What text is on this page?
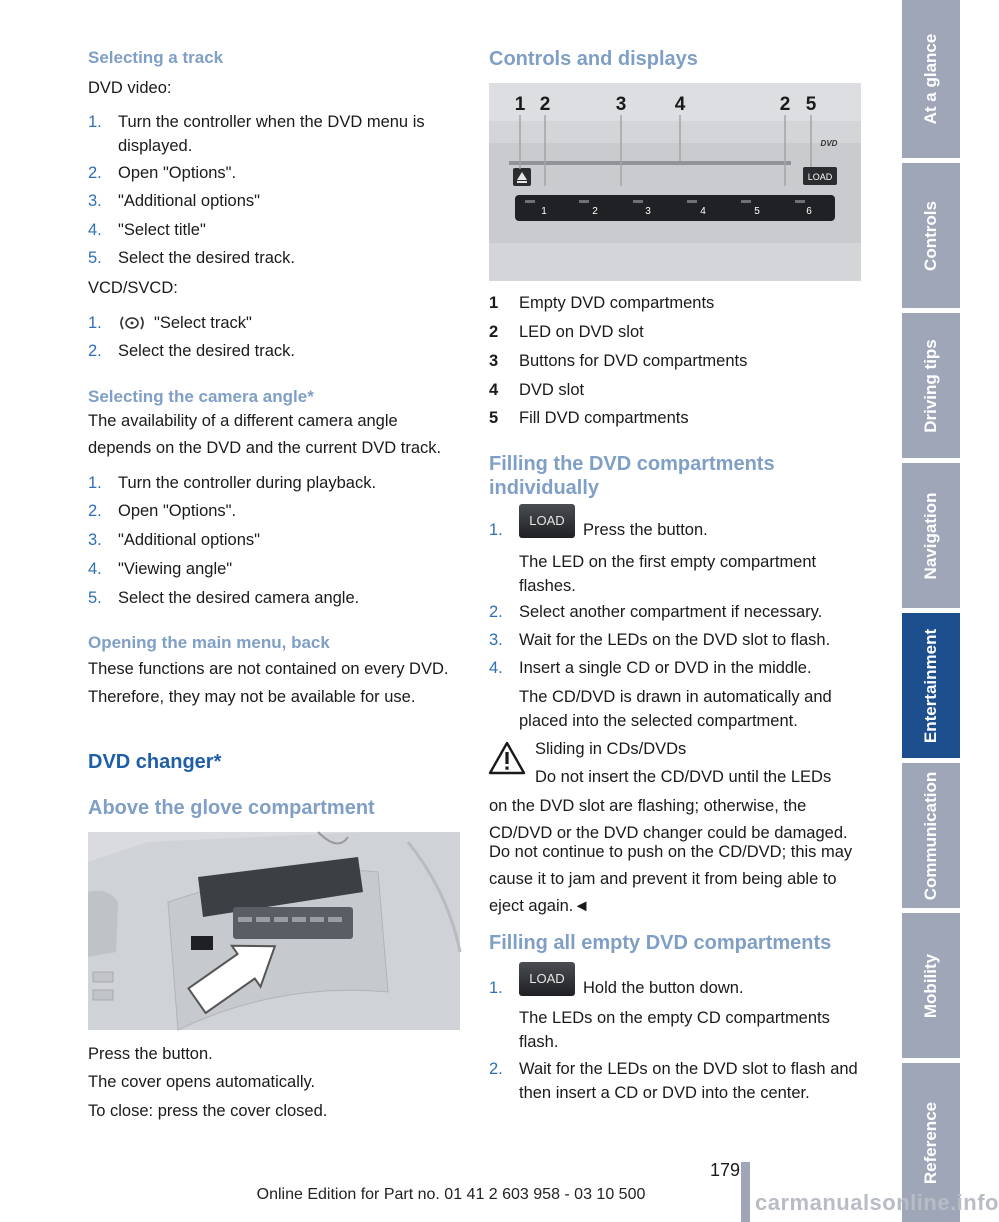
Selecting a track
DVD video:
1. Turn the controller when the DVD menu is displayed.
2. Open "Options".
3. "Additional options"
4. "Select title"
5. Select the desired track.
VCD/SVCD:
1.	"Select track"
2. Select the desired track.
Selecting the camera angle*
The availability of a different camera angle depends on the DVD and the current DVD track.
1. Turn the controller during playback.
2. Open "Options".
3. "Additional options"
4. "Viewing angle"
5. Select the desired camera angle.
Opening the main menu, back
These functions are not contained on every DVD. Therefore, they may not be available for use.
DVD changer*
Above the glove compartment
Press the button.
The cover opens automatically.
To close: press the cover closed.
Controls and displays
LOAD
DVD
1	2	3	4	5	6
1 2	3	4	2 5
1 Empty DVD compartments
2 LED on DVD slot
3 Buttons for DVD compartments
4 DVD slot
5 Fill DVD compartments
Filling the DVD compartments individually
1.
LOAD
Press the button.
The LED on the first empty compartment flashes.
2. Select another compartment if necessary.
3. Wait for the LEDs on the DVD slot to flash.
4. Insert a single CD or DVD in the middle.
The CD/DVD is drawn in automatically and placed into the selected compartment.
Sliding in CDs/DVDs
Do not insert the CD/DVD until the LEDs
on the DVD slot are flashing; otherwise, the CD/DVD or the DVD changer could be damaged.
Do not continue to push on the CD/DVD; this may cause it to jam and prevent it from being able to eject again.◄
Filling all empty DVD compartments
1.
LOAD
Hold the button down.
The LEDs on the empty CD compartments flash.
2. Wait for the LEDs on the DVD slot to flash and then insert a CD or DVD into the center.
At a glance
Controls
Driving tips
Navigation
Entertainment
Communication
Mobility
Reference
179
Online Edition for Part no. 01 41 2 603 958 - 03 10 500	carmanualsonline.info
